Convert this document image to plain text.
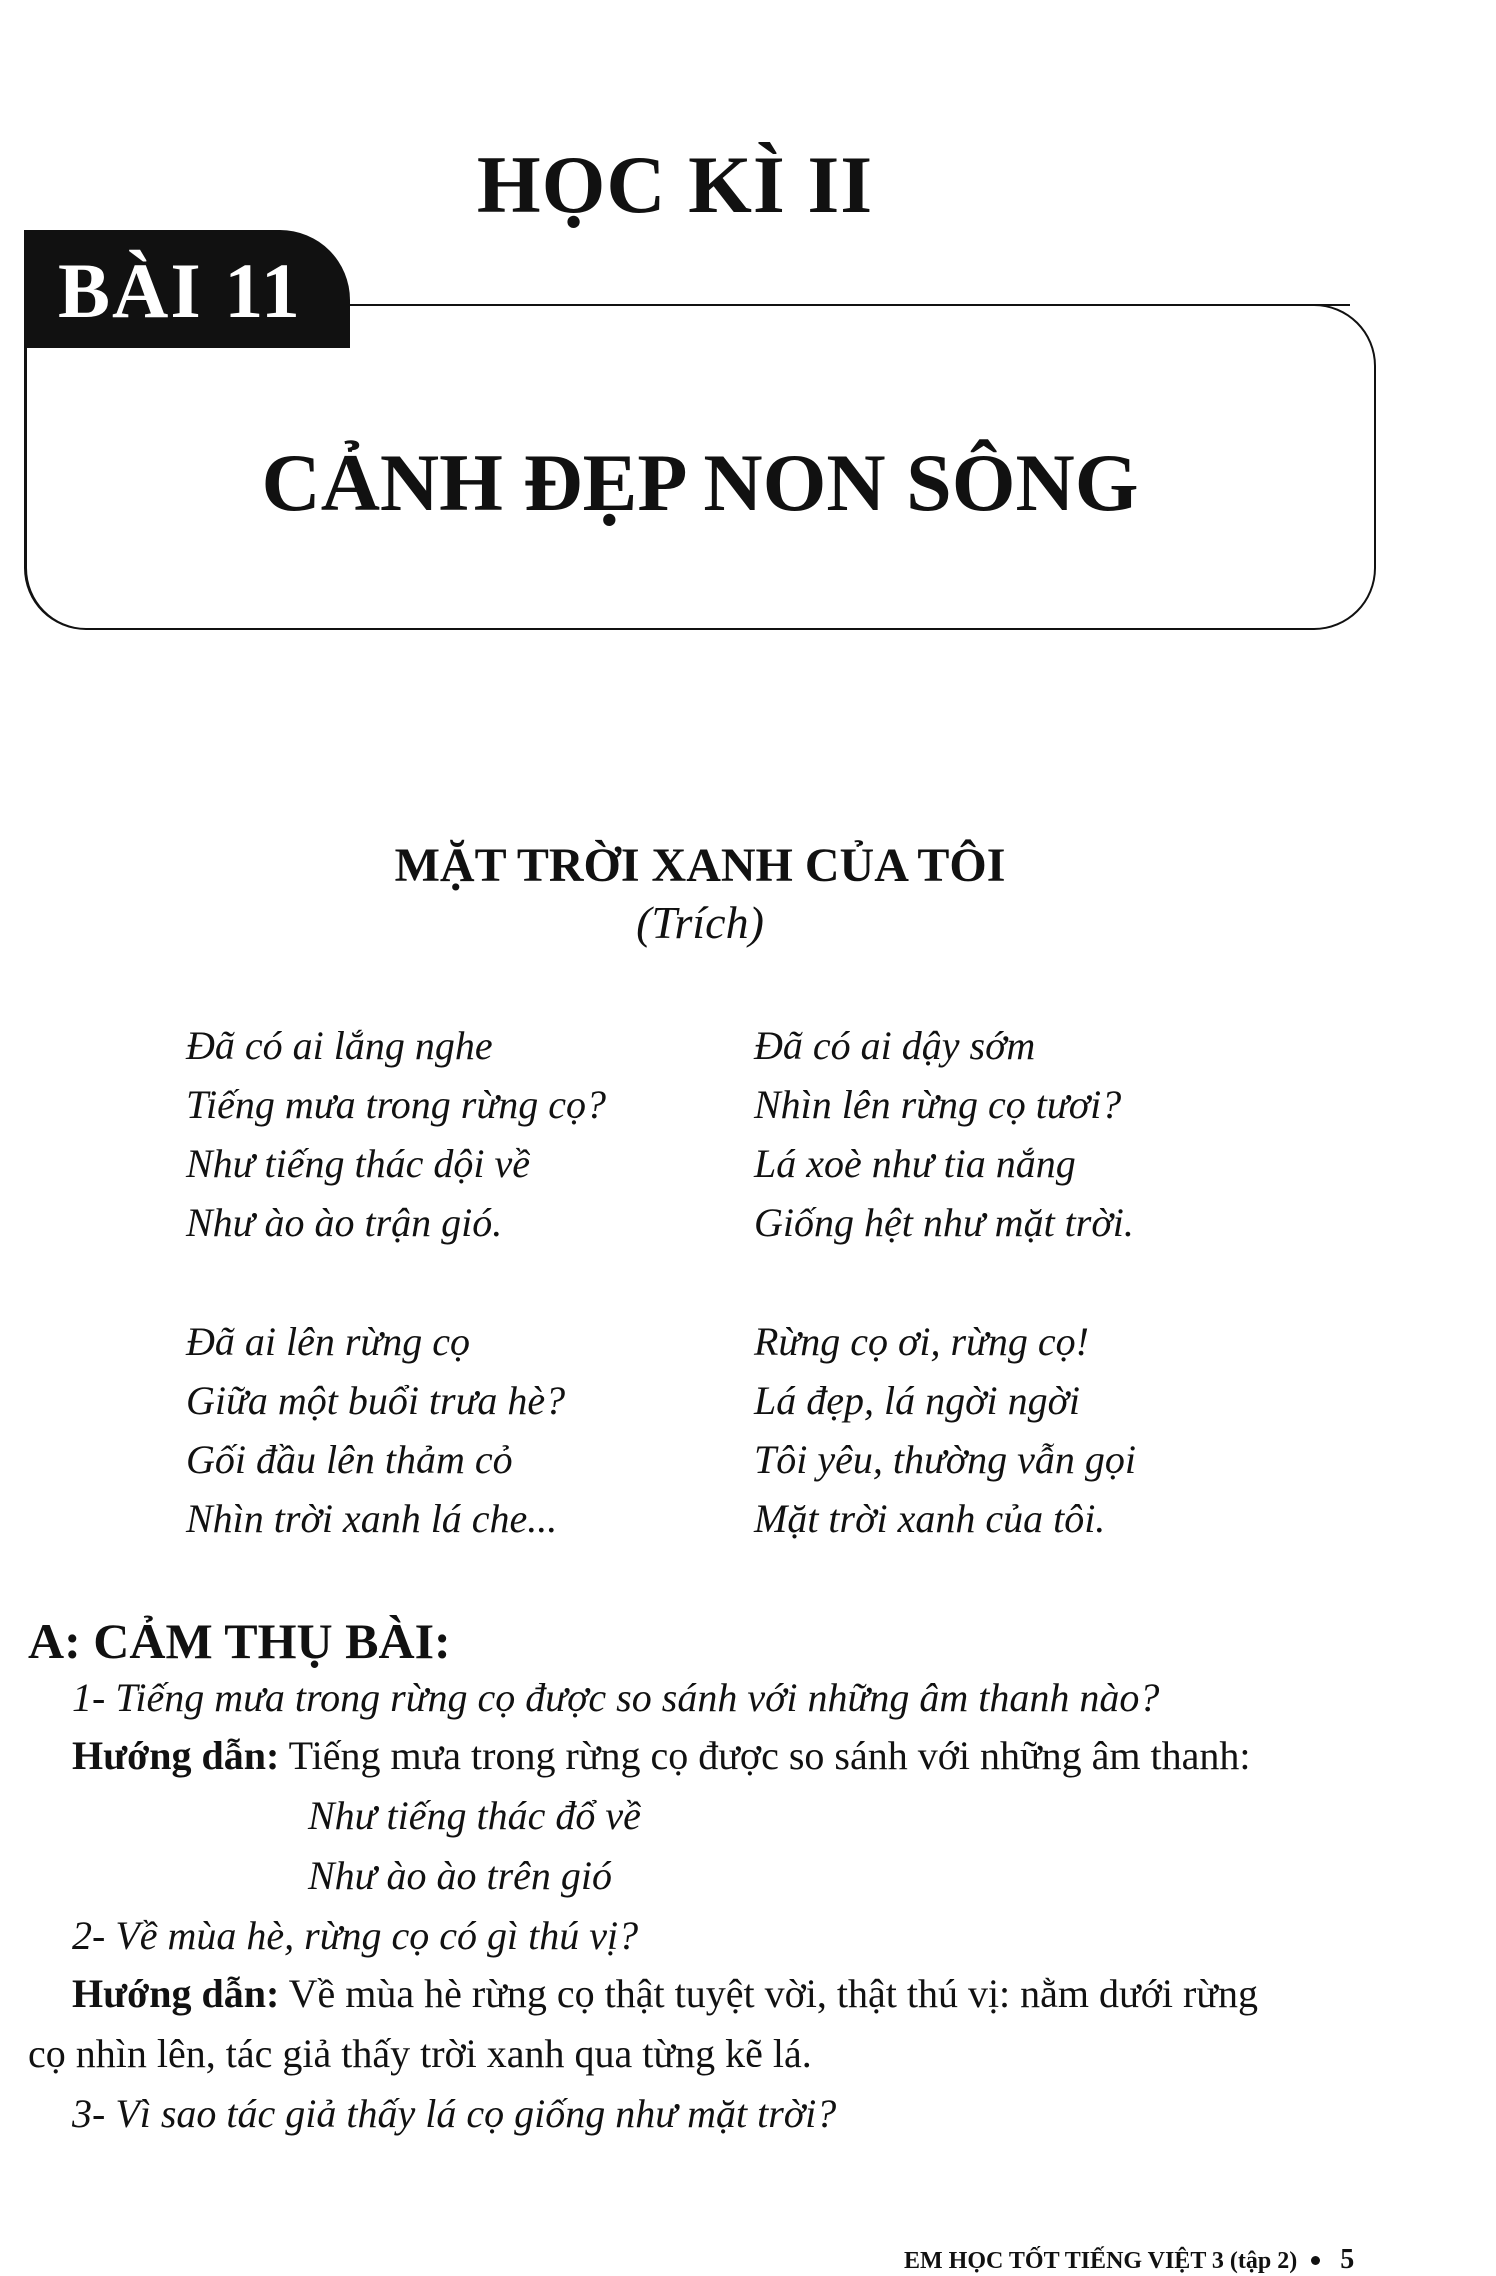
HỌC KÌ II
BÀI 11
CẢNH ĐẸP NON SÔNG
MẶT TRỜI XANH CỦA TÔI
(Trích)
Đã có ai lắng nghe
Tiếng mưa trong rừng cọ?
Như tiếng thác dội về
Như ào ào trận gió.
Đã có ai dậy sớm
Nhìn lên rừng cọ tươi?
Lá xoè như tia nắng
Giống hệt như mặt trời.
Đã ai lên rừng cọ
Giữa một buổi trưa hè?
Gối đầu lên thảm cỏ
Nhìn trời xanh lá che...
Rừng cọ ơi, rừng cọ!
Lá đẹp, lá ngời ngời
Tôi yêu, thường vẫn gọi
Mặt trời xanh của tôi.
A: CẢM THỤ BÀI:
1- Tiếng mưa trong rừng cọ được so sánh với những âm thanh nào?
Hướng dẫn: Tiếng mưa trong rừng cọ được so sánh với những âm thanh:
Như tiếng thác đổ về
Như ào ào trên gió
2- Về mùa hè, rừng cọ có gì thú vị?
Hướng dẫn: Về mùa hè rừng cọ thật tuyệt vời, thật thú vị: nằm dưới rừng
cọ nhìn lên, tác giả thấy trời xanh qua từng kẽ lá.
3- Vì sao tác giả thấy lá cọ giống như mặt trời?
EM HỌC TỐT TIẾNG VIỆT 3 (tập 2) 5
